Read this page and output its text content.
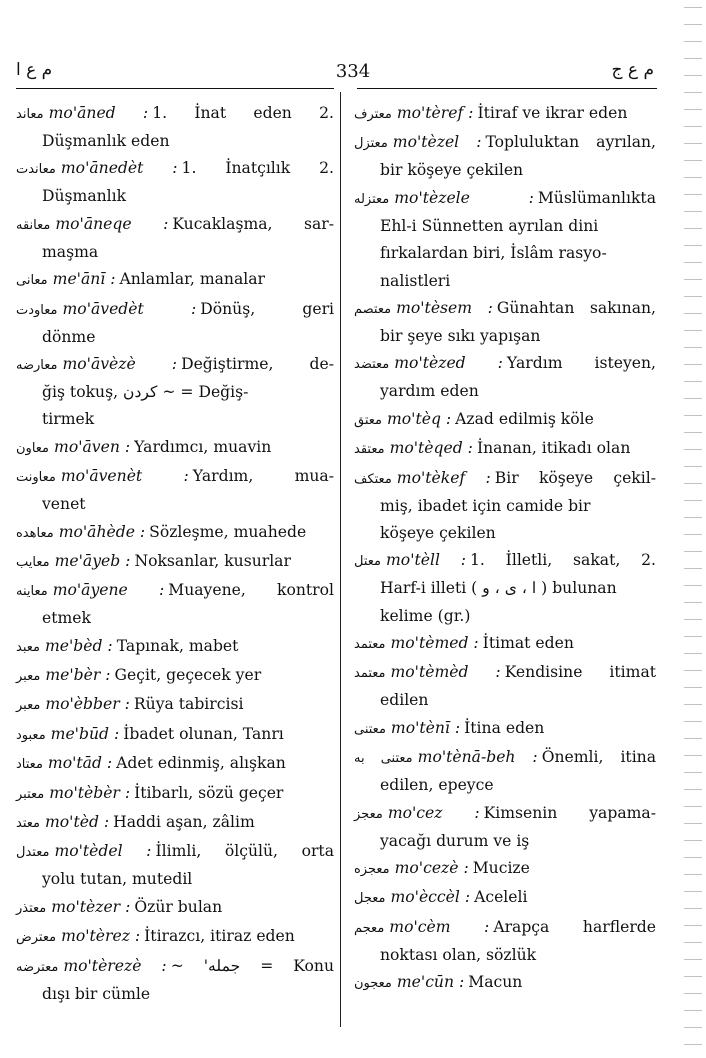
م ع ا	334	م ع ج
معاند mo'āned : 1. İnat eden 2.
Düşmanlık eden
معاندت mo'ānedèt : 1. İnatçılık 2.
Düşmanlık
معانقه mo'āneqe : Kucaklaşma, sar-
maşma
معانی me'ānī : Anlamlar, manalar
معاودت mo'āvedèt : Dönüş, geri
dönme
معارضه mo'āvèzè : Değiştirme, de-
ğiş tokuş, کردن ~ = Değiş-
tirmek
معاون mo'āven : Yardımcı, muavin
معاونت mo'āvenèt : Yardım, mua-
venet
معاهده mo'āhède : Sözleşme, muahede
معایب me'āyeb : Noksanlar, kusurlar
معاینه mo'āyene : Muayene, kontrol
etmek
معبد me'bèd : Tapınak, mabet
معبر me'bèr : Geçit, geçecek yer
معبر mo'èbber : Rüya tabircisi
معبود me'būd : İbadet olunan, Tanrı
معتاد mo'tād : Adet edinmiş, alışkan
معتبر mo'tèbèr : İtibarlı, sözü geçer
معتد mo'tèd : Haddi aşan, zâlim
معتدل mo'tèdel : İlimli, ölçülü, orta
yolu tutan, mutedil
معتذر mo'tèzer : Özür bulan
معترض mo'tèrez : İtirazcı, itiraz eden
معترضه mo'tèrezè : ~ 'جمله = Konu
dışı bir cümle
معترف mo'tèref : İtiraf ve ikrar eden
معتزل mo'tèzel : Topluluktan ayrılan,
bir köşeye çekilen
معتزله mo'tèzele : Müslümanlıkta
Ehl-i Sünnetten ayrılan dini
fırkalardan biri, İslâm rasyo-
nalistleri
معتصم mo'tèsem : Günahtan sakınan,
bir şeye sıkı yapışan
معتضد mo'tèzed : Yardım isteyen,
yardım eden
معتق mo'tèq : Azad edilmiş köle
معتقد mo'tèqed : İnanan, itikadı olan
معتکف mo'tèkef : Bir köşeye çekil-
miş, ibadet için camide bir
köşeye çekilen
معتل mo'tèll : 1. İlletli, sakat, 2.
Harf-i illeti ( ا ، ی ، و ) bulunan
kelime (gr.)
معتمد mo'tèmed : İtimat eden
معتمد mo'tèmèd : Kendisine itimat
edilen
معتنی mo'tènī : İtina eden
معتنی به mo'tènā-beh : Önemli, itina
edilen, epeyce
معجز mo'cez : Kimsenin yapama-
yacağı durum ve iş
معجزه mo'cezè : Mucize
معجل mo'èccèl : Aceleli
معجم mo'cèm : Arapça harflerde
noktası olan, sözlük
معجون me'cūn : Macun
